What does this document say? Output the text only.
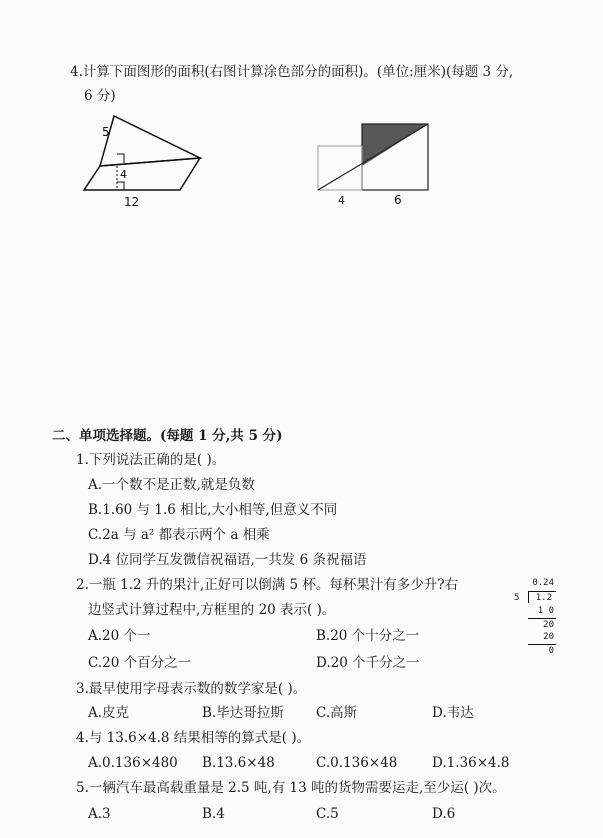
4.计算下面图形的面积(右图计算涂色部分的面积)。(单位:厘米)(每题 3 分,
6 分)
5
4
12	4	6
二、单项选择题。(每题 1 分,共 5 分)
1.下列说法正确的是( )。
A.一个数不是正数,就是负数
B.1.60 与 1.6 相比,大小相等,但意义不同
C.2a 与 a² 都表示两个 a 相乘
D.4 位同学互发微信祝福语,一共发 6 条祝福语
2.一瓶 1.2 升的果汁,正好可以倒满 5 杯。每杯果汁有多少升?右
边竖式计算过程中,方框里的 20 表示( )。
A.20 个一	B.20 个十分之一
C.20 个百分之一	D.20 个千分之一
0.24
5	1.2
1 0
20
20
0
3.最早使用字母表示数的数学家是( )。
A.皮克	B.毕达哥拉斯 C.高斯	D.韦达
4.与 13.6×4.8 结果相等的算式是( )。
A.0.136×480 B.13.6×48	C.0.136×48	D.1.36×4.8
5.一辆汽车最高载重量是 2.5 吨,有 13 吨的货物需要运走,至少运( )次。
A.3	B.4	C.5	D.6
